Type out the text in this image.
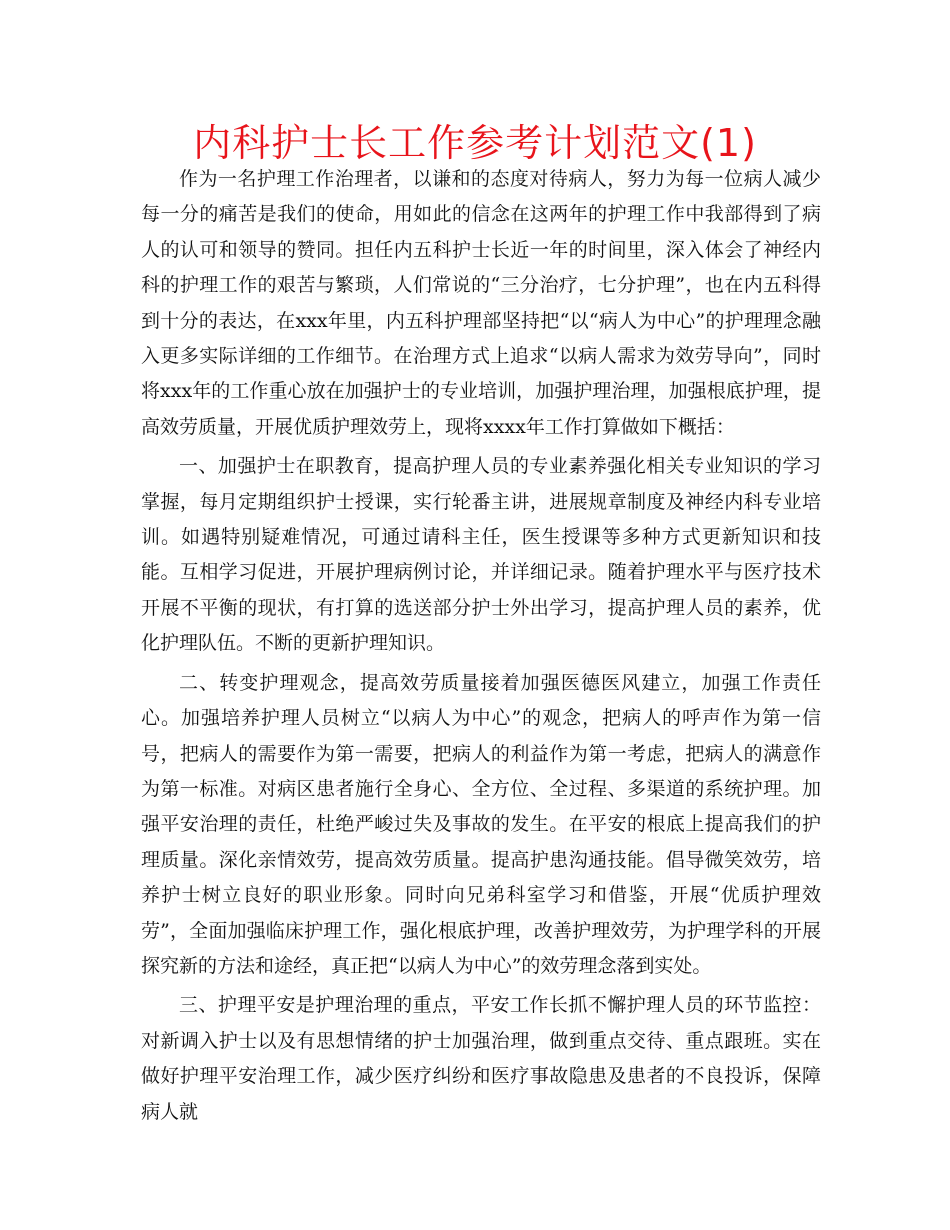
内科护士长工作参考计划范文(1)

作为一名护理工作治理者，以谦和的态度对待病人，努力为每一位病人减少每一分的痛苦是我们的使命，用如此的信念在这两年的护理工作中我部得到了病人的认可和领导的赞同。担任内五科护士长近一年的时间里，深入体会了神经内科的护理工作的艰苦与繁琐，人们常说的“三分治疗，七分护理”，也在内五科得到十分的表达，在xxx年里，内五科护理部坚持把“以“病人为中心”的护理理念融入更多实际详细的工作细节。在治理方式上追求“以病人需求为效劳导向”，同时将xxx年的工作重心放在加强护士的专业培训，加强护理治理，加强根底护理，提高效劳质量，开展优质护理效劳上，现将xxxx年工作打算做如下概括：

一、加强护士在职教育，提高护理人员的专业素养强化相关专业知识的学习掌握，每月定期组织护士授课，实行轮番主讲，进展规章制度及神经内科专业培训。如遇特别疑难情况，可通过请科主任，医生授课等多种方式更新知识和技能。互相学习促进，开展护理病例讨论，并详细记录。随着护理水平与医疗技术开展不平衡的现状，有打算的选送部分护士外出学习，提高护理人员的素养，优化护理队伍。不断的更新护理知识。

二、转变护理观念，提高效劳质量接着加强医德医风建立，加强工作责任心。加强培养护理人员树立“以病人为中心”的观念，把病人的呼声作为第一信号，把病人的需要作为第一需要，把病人的利益作为第一考虑，把病人的满意作为第一标准。对病区患者施行全身心、全方位、全过程、多渠道的系统护理。加强平安治理的责任，杜绝严峻过失及事故的发生。在平安的根底上提高我们的护理质量。深化亲情效劳，提高效劳质量。提高护患沟通技能。倡导微笑效劳，培养护士树立良好的职业形象。同时向兄弟科室学习和借鉴，开展“优质护理效劳”，全面加强临床护理工作，强化根底护理，改善护理效劳，为护理学科的开展探究新的方法和途经，真正把“以病人为中心”的效劳理念落到实处。

三、护理平安是护理治理的重点，平安工作长抓不懈护理人员的环节监控：对新调入护士以及有思想情绪的护士加强治理，做到重点交待、重点跟班。实在做好护理平安治理工作，减少医疗纠纷和医疗事故隐患及患者的不良投诉，保障病人就
